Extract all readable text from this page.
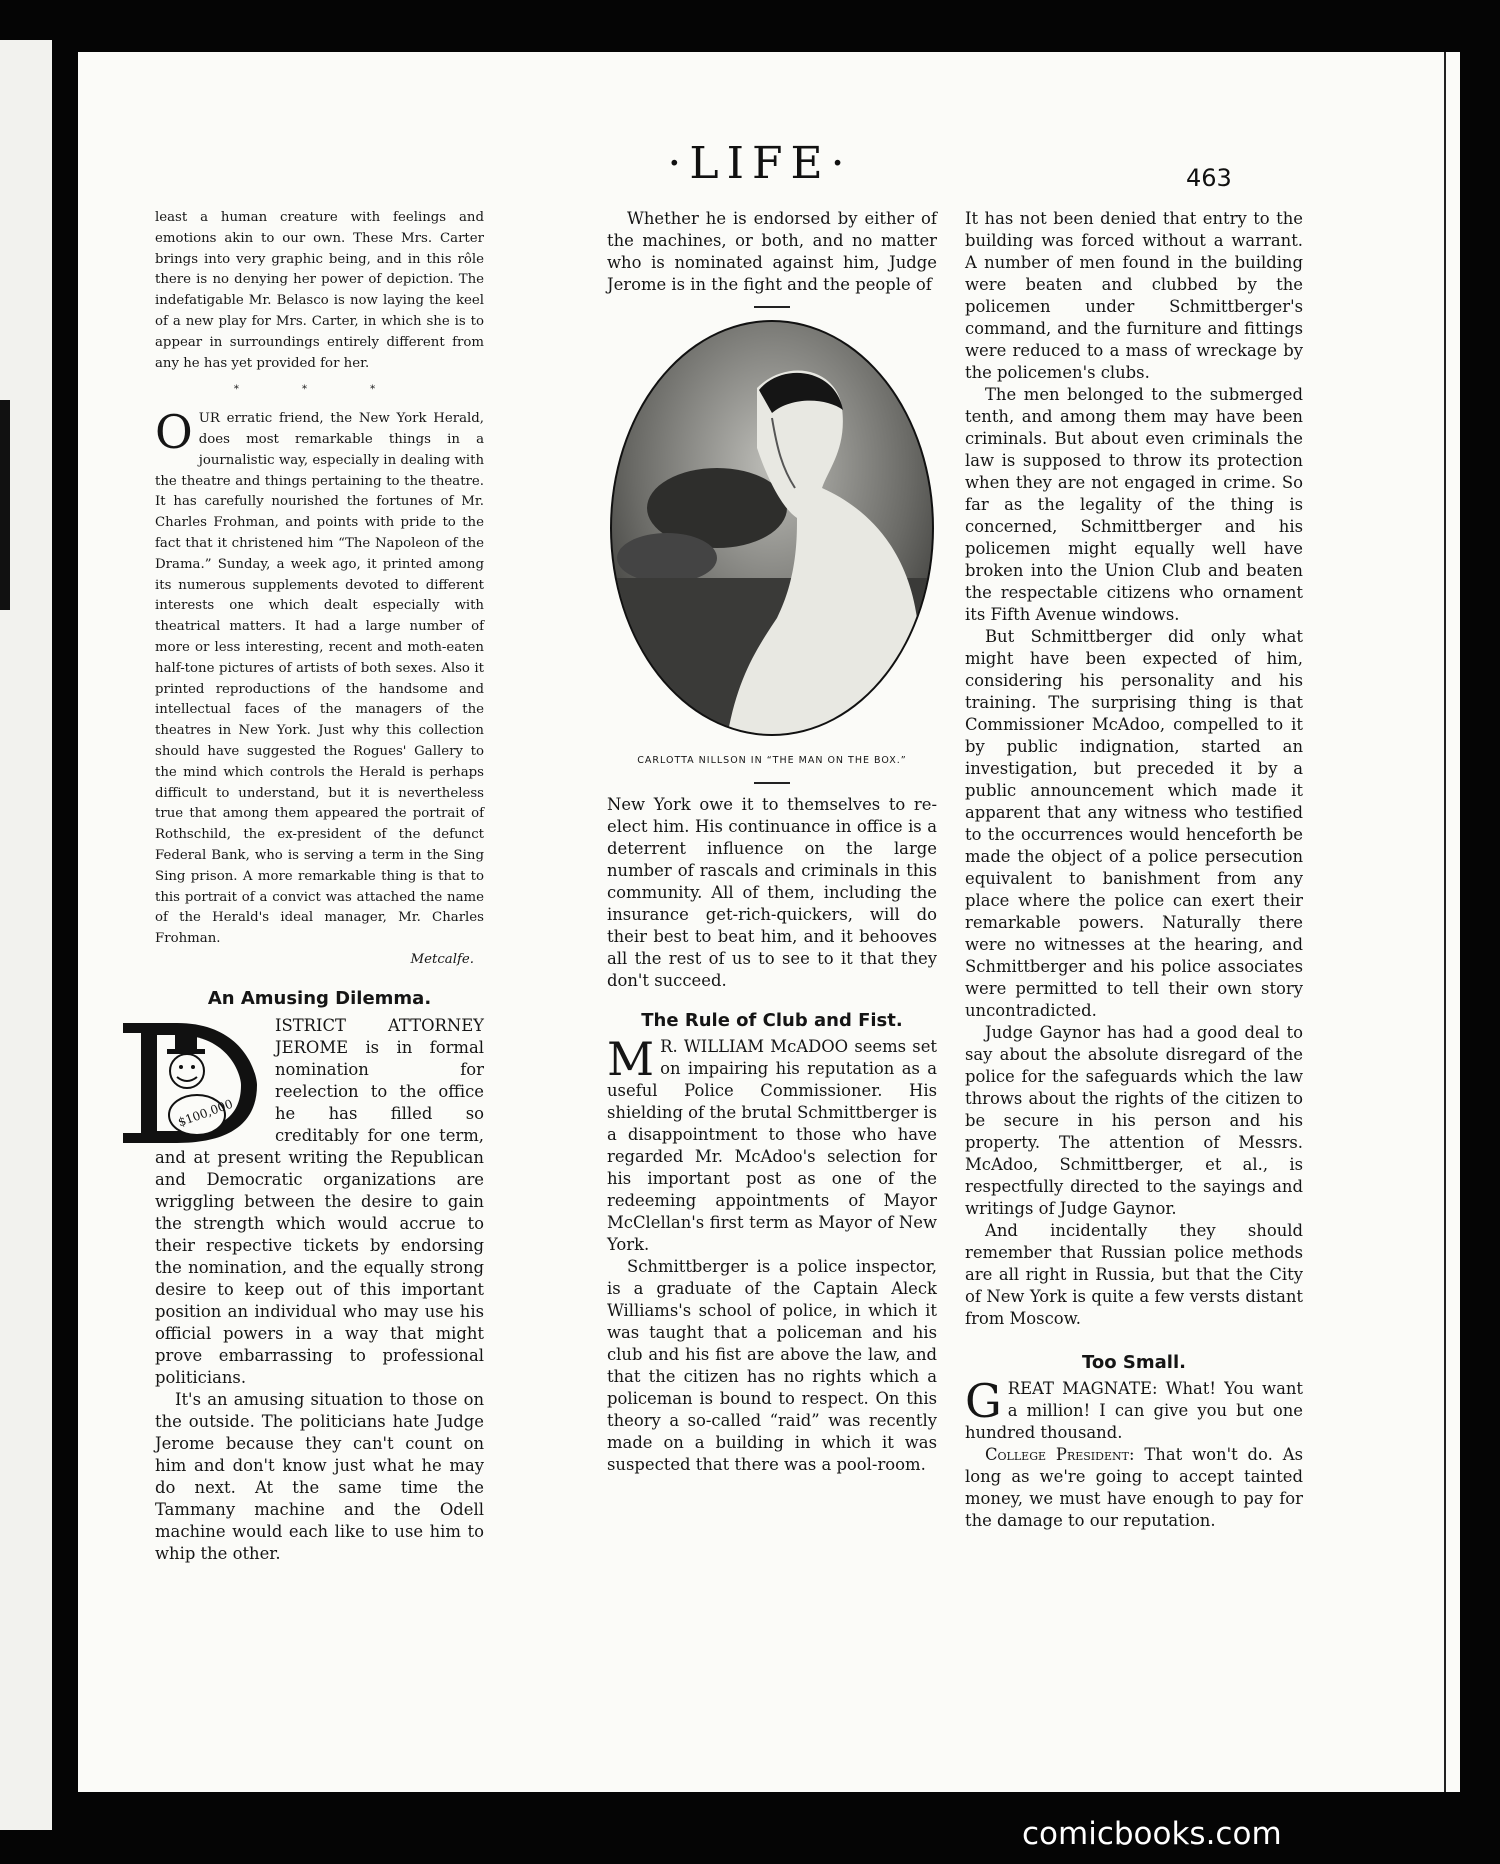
·LIFE·	463

least a human creature with feelings and emotions akin to our own. These Mrs. Carter brings into very graphic being, and in this rôle there is no denying her power of depiction. The indefatigable Mr. Belasco is now laying the keel of a new play for Mrs. Carter, in which she is to appear in surroundings entirely different from any he has yet provided for her.

* * *

OUR erratic friend, the New York Herald, does most remarkable things in a journalistic way, especially in dealing with the theatre and things pertaining to the theatre. It has carefully nourished the fortunes of Mr. Charles Frohman, and points with pride to the fact that it christened him “The Napoleon of the Drama.” Sunday, a week ago, it printed among its numerous supplements devoted to different interests one which dealt especially with theatrical matters. It had a large number of more or less interesting, recent and moth-eaten half-tone pictures of artists of both sexes. Also it printed reproductions of the handsome and intellectual faces of the managers of the theatres in New York. Just why this collection should have suggested the Rogues' Gallery to the mind which controls the Herald is perhaps difficult to understand, but it is nevertheless true that among them appeared the portrait of Rothschild, the ex-president of the defunct Federal Bank, who is serving a term in the Sing Sing prison. A more remarkable thing is that to this portrait of a convict was attached the name of the Herald's ideal manager, Mr. Charles Frohman.

Metcalfe.
An Amusing Dilemma.

$100,000
ISTRICT ATTORNEY JEROME is in formal nomination for reelection to the office he has filled so creditably for one term, and at present writing the Republican and Democratic organizations are wriggling between the desire to gain the strength which would accrue to their respective tickets by endorsing the nomination, and the equally strong desire to keep out of this important position an individual who may use his official powers in a way that might prove embarrassing to professional politicians.

It's an amusing situation to those on the outside. The politicians hate Judge Jerome because they can't count on him and don't know just what he may do next. At the same time the Tammany machine and the Odell machine would each like to use him to whip the other.

Whether he is endorsed by either of the machines, or both, and no matter who is nominated against him, Judge Jerome is in the fight and the people of

CARLOTTA NILLSON IN “THE MAN ON THE BOX.”

New York owe it to themselves to re-elect him. His continuance in office is a deterrent influence on the large number of rascals and criminals in this community. All of them, including the insurance get-rich-quickers, will do their best to beat him, and it behooves all the rest of us to see to it that they don't succeed.

The Rule of Club and Fist.

M R. WILLIAM McADOO seems set on impairing his reputation as a useful Police Commissioner. His shielding of the brutal Schmittberger is a disappointment to those who have regarded Mr. McAdoo's selection for his important post as one of the redeeming appointments of Mayor McClellan's first term as Mayor of New York.

Schmittberger is a police inspector, is a graduate of the Captain Aleck Williams's school of police, in which it was taught that a policeman and his club and his fist are above the law, and that the citizen has no rights which a policeman is bound to respect. On this theory a so-called “raid” was recently made on a building in which it was suspected that there was a pool-room.

It has not been denied that entry to the building was forced without a warrant. A number of men found in the building were beaten and clubbed by the policemen under Schmittberger's command, and the furniture and fittings were reduced to a mass of wreckage by the policemen's clubs.

The men belonged to the submerged tenth, and among them may have been criminals. But about even criminals the law is supposed to throw its protection when they are not engaged in crime. So far as the legality of the thing is concerned, Schmittberger and his policemen might equally well have broken into the Union Club and beaten the respectable citizens who ornament its Fifth Avenue windows.

But Schmittberger did only what might have been expected of him, considering his personality and his training. The surprising thing is that Commissioner McAdoo, compelled to it by public indignation, started an investigation, but preceded it by a public announcement which made it apparent that any witness who testified to the occurrences would henceforth be made the object of a police persecution equivalent to banishment from any place where the police can exert their remarkable powers. Naturally there were no witnesses at the hearing, and Schmittberger and his police associates were permitted to tell their own story uncontradicted.

Judge Gaynor has had a good deal to say about the absolute disregard of the police for the safeguards which the law throws about the rights of the citizen to be secure in his person and his property. The attention of Messrs. McAdoo, Schmittberger, et al., is respectfully directed to the sayings and writings of Judge Gaynor.

And incidentally they should remember that Russian police methods are all right in Russia, but that the City of New York is quite a few versts distant from Moscow.

Too Small.

GREAT MAGNATE: What! You want a million! I can give you but one hundred thousand.

College President: That won't do. As long as we're going to accept tainted money, we must have enough to pay for the damage to our reputation.

comicbooks.com
